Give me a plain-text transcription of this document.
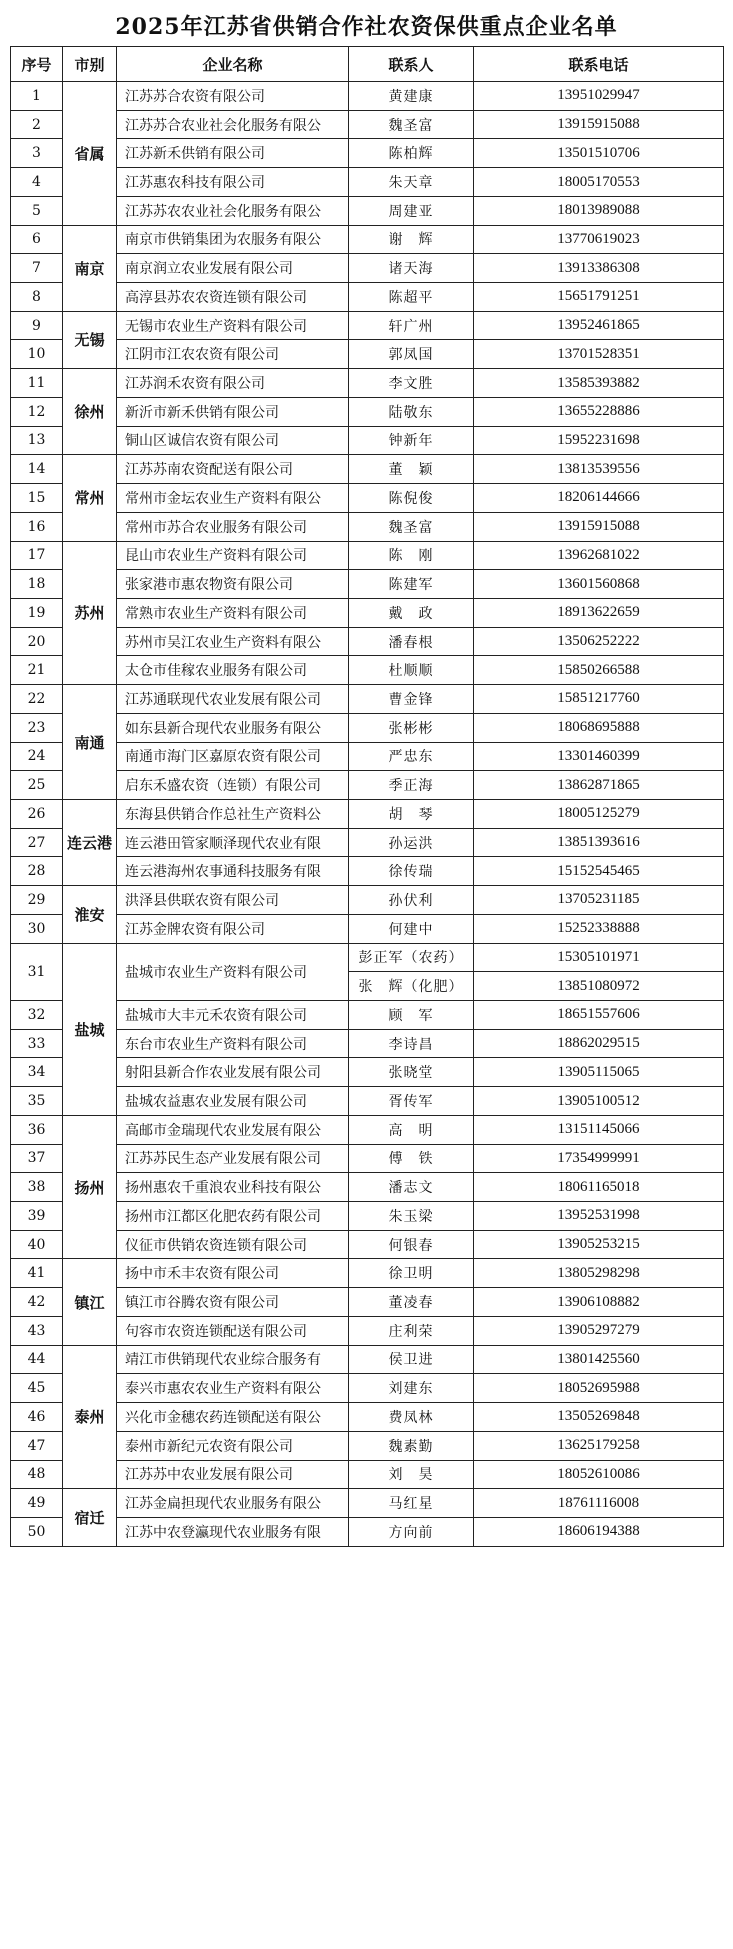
2025年江苏省供销合作社农资保供重点企业名单
序号	市别	企业名称	联系人	联系电话
1	省属	江苏苏合农资有限公司	黄建康	13951029947
2		江苏苏合农业社会化服务有限公	魏圣富	13915915088
3		江苏新禾供销有限公司	陈柏辉	13501510706
4		江苏惠农科技有限公司	朱天章	18005170553
5		江苏苏农农业社会化服务有限公	周建亚	18013989088
6	南京	南京市供销集团为农服务有限公	谢　辉	13770619023
7		南京润立农业发展有限公司	诸天海	13913386308
8		高淳县苏农农资连锁有限公司	陈超平	15651791251
9	无锡	无锡市农业生产资料有限公司	轩广州	13952461865
10		江阴市江农农资有限公司	郭凤国	13701528351
11	徐州	江苏润禾农资有限公司	李文胜	13585393882
12		新沂市新禾供销有限公司	陆敬东	13655228886
13		铜山区诚信农资有限公司	钟新年	15952231698
14	常州	江苏苏南农资配送有限公司	董　颖	13813539556
15		常州市金坛农业生产资料有限公	陈倪俊	18206144666
16		常州市苏合农业服务有限公司	魏圣富	13915915088
17	苏州	昆山市农业生产资料有限公司	陈　刚	13962681022
18		张家港市惠农物资有限公司	陈建军	13601560868
19		常熟市农业生产资料有限公司	戴　政	18913622659
20		苏州市吴江农业生产资料有限公	潘春根	13506252222
21		太仓市佳稼农业服务有限公司	杜顺顺	15850266588
22	南通	江苏通联现代农业发展有限公司	曹金锋	15851217760
23		如东县新合现代农业服务有限公	张彬彬	18068695888
24		南通市海门区嘉原农资有限公司	严忠东	13301460399
25		启东禾盛农资（连锁）有限公司	季正海	13862871865
26	连云港	东海县供销合作总社生产资料公	胡　琴	18005125279
27		连云港田管家顺泽现代农业有限	孙运洪	13851393616
28		连云港海州农事通科技服务有限	徐传瑞	15152545465
29	淮安	洪泽县供联农资有限公司	孙伏利	13705231185
30		江苏金牌农资有限公司	何建中	15252338888
31	盐城	盐城市农业生产资料有限公司	彭正军（农药）	15305101971
			张　辉（化肥）	13851080972
32		盐城市大丰元禾农资有限公司	顾　军	18651557606
33		东台市农业生产资料有限公司	李诗昌	18862029515
34		射阳县新合作农业发展有限公司	张晓堂	13905115065
35		盐城农益惠农业发展有限公司	胥传军	13905100512
36	扬州	高邮市金瑞现代农业发展有限公	高　明	13151145066
37		江苏苏民生态产业发展有限公司	傅　铁	17354999991
38		扬州惠农千重浪农业科技有限公	潘志文	18061165018
39		扬州市江都区化肥农药有限公司	朱玉梁	13952531998
40		仪征市供销农资连锁有限公司	何银春	13905253215
41	镇江	扬中市禾丰农资有限公司	徐卫明	13805298298
42		镇江市谷腾农资有限公司	董凌春	13906108882
43		句容市农资连锁配送有限公司	庄利荣	13905297279
44	泰州	靖江市供销现代农业综合服务有	侯卫进	13801425560
45		泰兴市惠农农业生产资料有限公	刘建东	18052695988
46		兴化市金穗农药连锁配送有限公	费凤林	13505269848
47		泰州市新纪元农资有限公司	魏素勤	13625179258
48		江苏苏中农业发展有限公司	刘　昊	18052610086
49	宿迁	江苏金扁担现代农业服务有限公	马红星	18761116008
50		江苏中农登瀛现代农业服务有限	方向前	18606194388
